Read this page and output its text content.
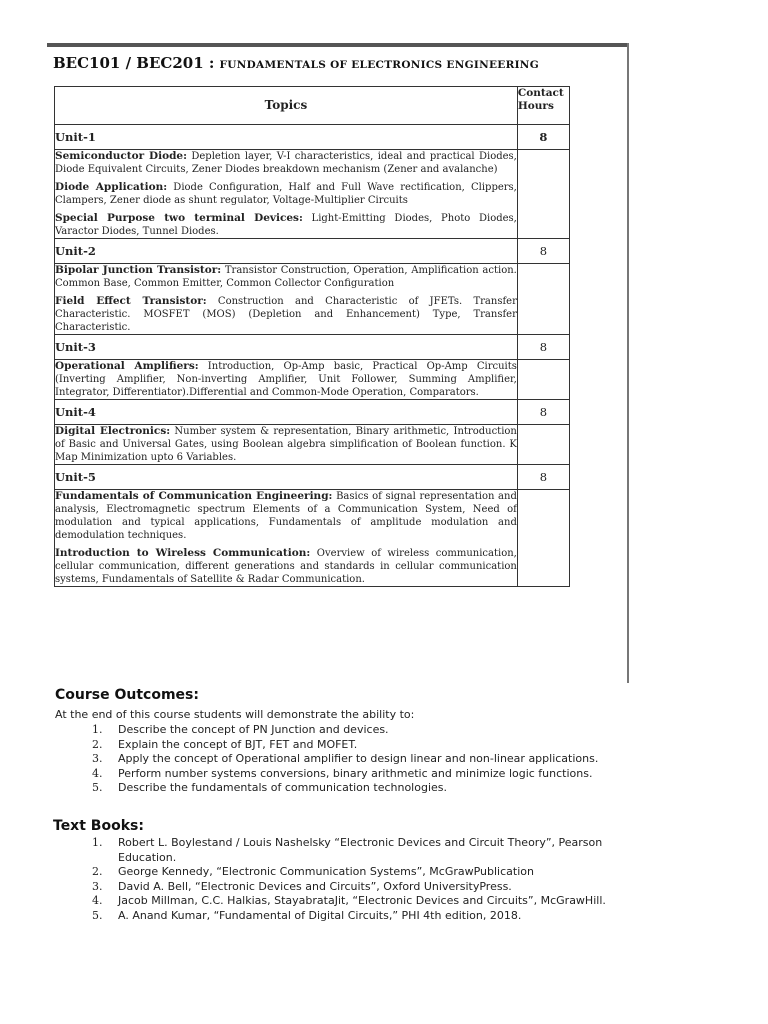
BEC101 / BEC201 : FUNDAMENTALS OF ELECTRONICS ENGINEERING
Topics	Contact Hours
Unit-1	8

Semiconductor Diode: Depletion layer, V-I characteristics, ideal and practical Diodes, Diode Equivalent Circuits, Zener Diodes breakdown mechanism (Zener and avalanche)

Diode Application: Diode Configuration, Half and Full Wave rectification, Clippers, Clampers, Zener diode as shunt regulator, Voltage-Multiplier Circuits

Special Purpose two terminal Devices: Light-Emitting Diodes, Photo Diodes, Varactor Diodes, Tunnel Diodes.	

Unit-2	8

Bipolar Junction Transistor: Transistor Construction, Operation, Amplification action. Common Base, Common Emitter, Common Collector Configuration

Field Effect Transistor: Construction and Characteristic of JFETs. Transfer Characteristic. MOSFET (MOS) (Depletion and Enhancement) Type, Transfer Characteristic.	

Unit-3	8

Operational Amplifiers: Introduction, Op-Amp basic, Practical Op-Amp Circuits (Inverting Amplifier, Non-inverting Amplifier, Unit Follower, Summing Amplifier, Integrator, Differentiator).Differential and Common-Mode Operation, Comparators.	

Unit-4	8

Digital Electronics: Number system & representation, Binary arithmetic, Introduction of Basic and Universal Gates, using Boolean algebra simplification of Boolean function. K Map Minimization upto 6 Variables.	

Unit-5	8

Fundamentals of Communication Engineering: Basics of signal representation and analysis, Electromagnetic spectrum Elements of a Communication System, Need of modulation and typical applications, Fundamentals of amplitude modulation and demodulation techniques.

Introduction to Wireless Communication: Overview of wireless communication, cellular communication, different generations and standards in cellular communication systems, Fundamentals of Satellite & Radar Communication.	

Course Outcomes:
At the end of this course students will demonstrate the ability to:
1. Describe the concept of PN Junction and devices.
2. Explain the concept of BJT, FET and MOFET.
3. Apply the concept of Operational amplifier to design linear and non-linear applications.
4. Perform number systems conversions, binary arithmetic and minimize logic functions.
5. Describe the fundamentals of communication technologies.
Text Books:
1. Robert L. Boylestand / Louis Nashelsky “Electronic Devices and Circuit Theory”, Pearson Education.
2. George Kennedy, “Electronic Communication Systems”, McGrawPublication
3. David A. Bell, “Electronic Devices and Circuits”, Oxford UniversityPress.
4. Jacob Millman, C.C. Halkias, StayabrataJit, “Electronic Devices and Circuits”, McGrawHill.
5. A. Anand Kumar, “Fundamental of Digital Circuits,” PHI 4th edition, 2018.
